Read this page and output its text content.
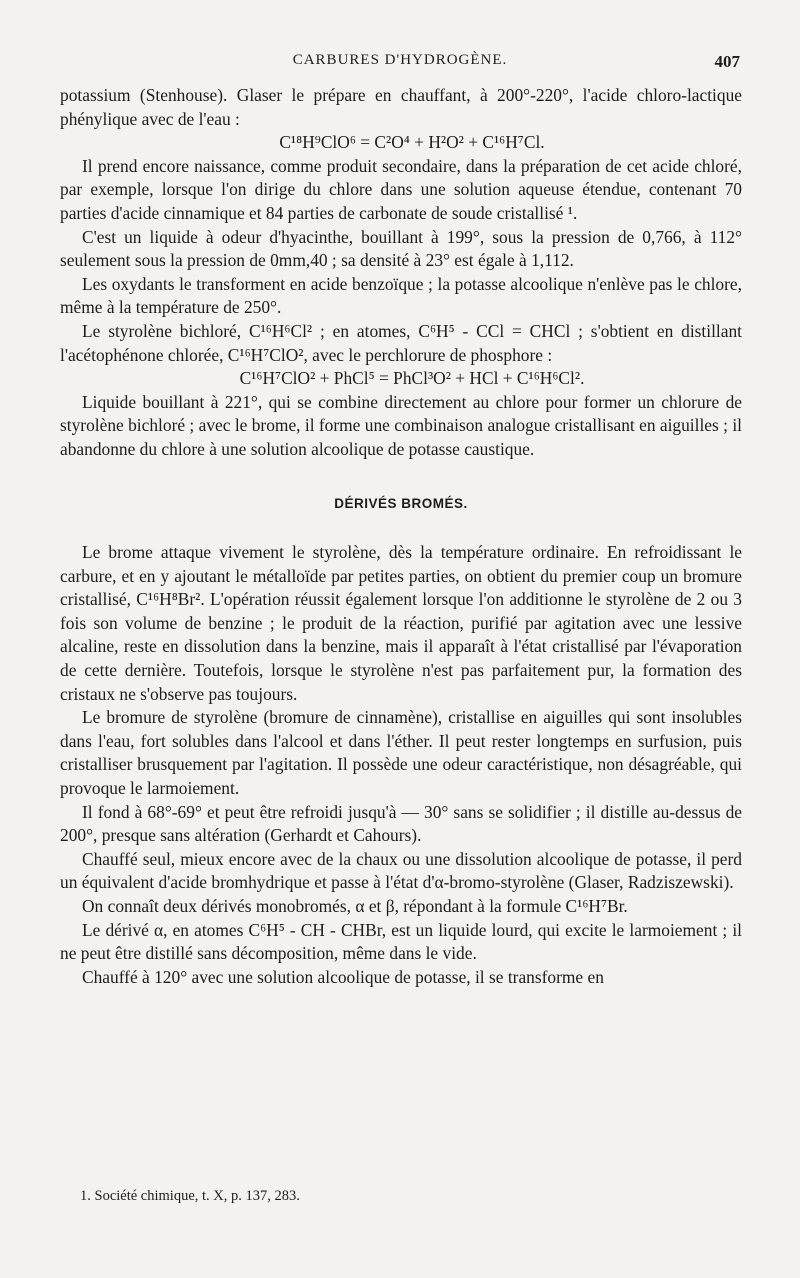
CARBURES D'HYDROGÈNE.	407

potassium (Stenhouse). Glaser le prépare en chauffant, à 200°-220°, l'acide chloro-lactique phénylique avec de l'eau :

C¹⁸H⁹ClO⁶ = C²O⁴ + H²O² + C¹⁶H⁷Cl.

Il prend encore naissance, comme produit secondaire, dans la préparation de cet acide chloré, par exemple, lorsque l'on dirige du chlore dans une solution aqueuse étendue, contenant 70 parties d'acide cinnamique et 84 parties de carbonate de soude cristallisé ¹.

C'est un liquide à odeur d'hyacinthe, bouillant à 199°, sous la pression de 0,766, à 112° seulement sous la pression de 0mm,40 ; sa densité à 23° est égale à 1,112.

Les oxydants le transforment en acide benzoïque ; la potasse alcoolique n'enlève pas le chlore, même à la température de 250°.

Le styrolène bichloré, C¹⁶H⁶Cl² ; en atomes, C⁶H⁵ - CCl = CHCl ; s'obtient en distillant l'acétophénone chlorée, C¹⁶H⁷ClO², avec le perchlorure de phosphore :

C¹⁶H⁷ClO² + PhCl⁵ = PhCl³O² + HCl + C¹⁶H⁶Cl².

Liquide bouillant à 221°, qui se combine directement au chlore pour former un chlorure de styrolène bichloré ; avec le brome, il forme une combinaison analogue cristallisant en aiguilles ; il abandonne du chlore à une solution alcoolique de potasse caustique.

DÉRIVÉS BROMÉS.

Le brome attaque vivement le styrolène, dès la température ordinaire. En refroidissant le carbure, et en y ajoutant le métalloïde par petites parties, on obtient du premier coup un bromure cristallisé, C¹⁶H⁸Br². L'opération réussit également lorsque l'on additionne le styrolène de 2 ou 3 fois son volume de benzine ; le produit de la réaction, purifié par agitation avec une lessive alcaline, reste en dissolution dans la benzine, mais il apparaît à l'état cristallisé par l'évaporation de cette dernière. Toutefois, lorsque le styrolène n'est pas parfaitement pur, la formation des cristaux ne s'observe pas toujours.

Le bromure de styrolène (bromure de cinnamène), cristallise en aiguilles qui sont insolubles dans l'eau, fort solubles dans l'alcool et dans l'éther. Il peut rester longtemps en surfusion, puis cristalliser brusquement par l'agitation. Il possède une odeur caractéristique, non désagréable, qui provoque le larmoiement.

Il fond à 68°-69° et peut être refroidi jusqu'à — 30° sans se solidifier ; il distille au-dessus de 200°, presque sans altération (Gerhardt et Cahours).

Chauffé seul, mieux encore avec de la chaux ou une dissolution alcoolique de potasse, il perd un équivalent d'acide bromhydrique et passe à l'état d'α-bromo-styrolène (Glaser, Radziszewski).

On connaît deux dérivés monobromés, α et β, répondant à la formule C¹⁶H⁷Br.

Le dérivé α, en atomes C⁶H⁵ - CH - CHBr, est un liquide lourd, qui excite le larmoiement ; il ne peut être distillé sans décomposition, même dans le vide.

Chauffé à 120° avec une solution alcoolique de potasse, il se transforme en

1. Société chimique, t. X, p. 137, 283.
